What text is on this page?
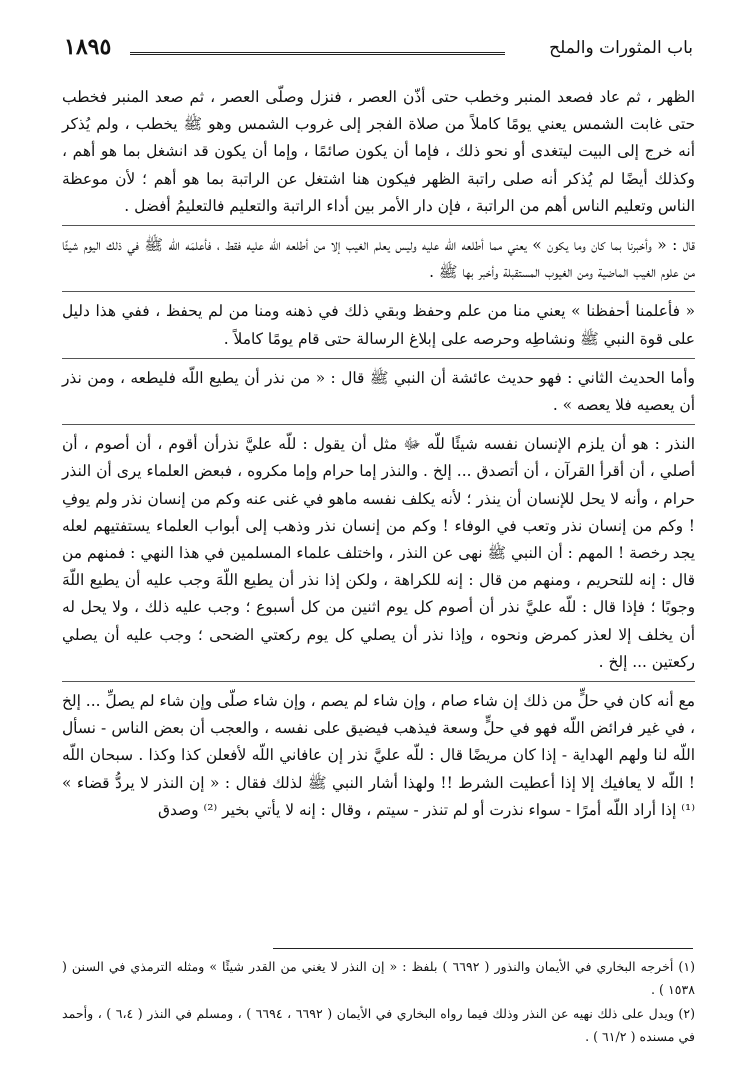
باب المثورات والملح
١٨٩٥

الظهر ، ثم عاد فصعد المنبر وخطب حتى أذّن العصر ، فنزل وصلّى العصر ، ثم صعد المنبر فخطب حتى غابت الشمس يعني يومًا كاملاً من صلاة الفجر إلى غروب الشمس وهو ﷺ يخطب ، ولم يُذكر أنه خرج إلى البيت ليتغدى أو نحو ذلك ، فإما أن يكون صائمًا ، وإما أن يكون قد انشغل بما هو أهم ، وكذلك أيضًا لم يُذكر أنه صلى راتبة الظهر فيكون هنا اشتغل عن الراتبة بما هو أهم ؛ لأن موعظة الناس وتعليم الناس أهم من الراتبة ، فإن دار الأمر بين أداء الراتبة والتعليم فالتعليمُ أفضل .

قال : « وأخبرنا بما كان وما يكون » يعني مما أطلعه اللّه عليه وليس يعلم الغيب إلا من أطلعه اللّه عليه فقط ، فأعلمَه اللّه ﷺ في ذلك اليوم شيئًا من علوم الغيب الماضية ومن الغيوب المستقبلة وأخبر بها ﷺ .

« فأعلمنا أحفظنا » يعني منا من علم وحفظ وبقي ذلك في ذهنه ومنا من لم يحفظ ، ففي هذا دليل على قوة النبي ﷺ ونشاطِه وحرصه على إبلاغ الرسالة حتى قام يومًا كاملاً .

وأما الحديث الثاني : فهو حديث عائشة أن النبي ﷺ قال : « من نذر أن يطيع اللّه فليطعه ، ومن نذر أن يعصيه فلا يعصه » .

النذر : هو أن يلزم الإنسان نفسه شيئًا للّه ﷻ مثل أن يقول : للّه عليَّ نذرأن أقوم ، أن أصوم ، أن أصلي ، أن أقرأ القرآن ، أن أتصدق ... إلخ . والنذر إما حرام وإما مكروه ، فبعض العلماء يرى أن النذر حرام ، وأنه لا يحل للإنسان أن ينذر ؛ لأنه يكلف نفسه ماهو في غنى عنه وكم من إنسان نذر ولم يوفِ ! وكم من إنسان نذر وتعب في الوفاء ! وكم من إنسان نذر وذهب إلى أبواب العلماء يستفتيهم لعله يجد رخصة ! المهم : أن النبي ﷺ نهى عن النذر ، واختلف علماء المسلمين في هذا النهي : فمنهم من قال : إنه للتحريم ، ومنهم من قال : إنه للكراهة ، ولكن إذا نذر أن يطيع اللّهَ وجب عليه أن يطيع اللّهَ وجوبًا ؛ فإذا قال : للّه عليَّ نذر أن أصوم كل يوم اثنين من كل أسبوع ؛ وجب عليه ذلك ، ولا يحل له أن يخلف إلا لعذر كمرض ونحوه ، وإذا نذر أن يصلي كل يوم ركعتي الضحى ؛ وجب عليه أن يصلي ركعتين ... إلخ .

مع أنه كان في حلٍّ من ذلك إن شاء صام ، وإن شاء لم يصم ، وإن شاء صلّى وإن شاء لم يصلِّ ... إلخ ، في غير فرائض اللّه فهو في حلٍّ وسعة فيذهب فيضيق على نفسه ، والعجب أن بعض الناس - نسأل اللّه لنا ولهم الهداية - إذا كان مريضًا قال : للّه عليَّ نذر إن عافاني اللّه لأفعلن كذا وكذا . سبحان اللّه ! اللّه لا يعافيك إلا إذا أعطيت الشرط !! ولهذا أشار النبي ﷺ لذلك فقال : « إن النذر لا يردُّ قضاء » ⁽¹⁾ إذا أراد اللّه أمرًا - سواء نذرت أو لم تنذر - سيتم ، وقال : إنه لا يأتي بخير ⁽²⁾ وصدق

(١) أخرجه البخاري في الأيمان والنذور ( ٦٦٩٢ ) بلفظ : « إن النذر لا يغني من القدر شيئًا » ومثله الترمذي في السنن ( ١٥٣٨ ) .

(٢) ويدل على ذلك نهيه عن النذر وذلك فيما رواه البخاري في الأيمان ( ٦٦٩٢ ، ٦٦٩٤ ) ، ومسلم في النذر ( ٦،٤ ) ، وأحمد في مسنده ( ٦١/٢ ) .
